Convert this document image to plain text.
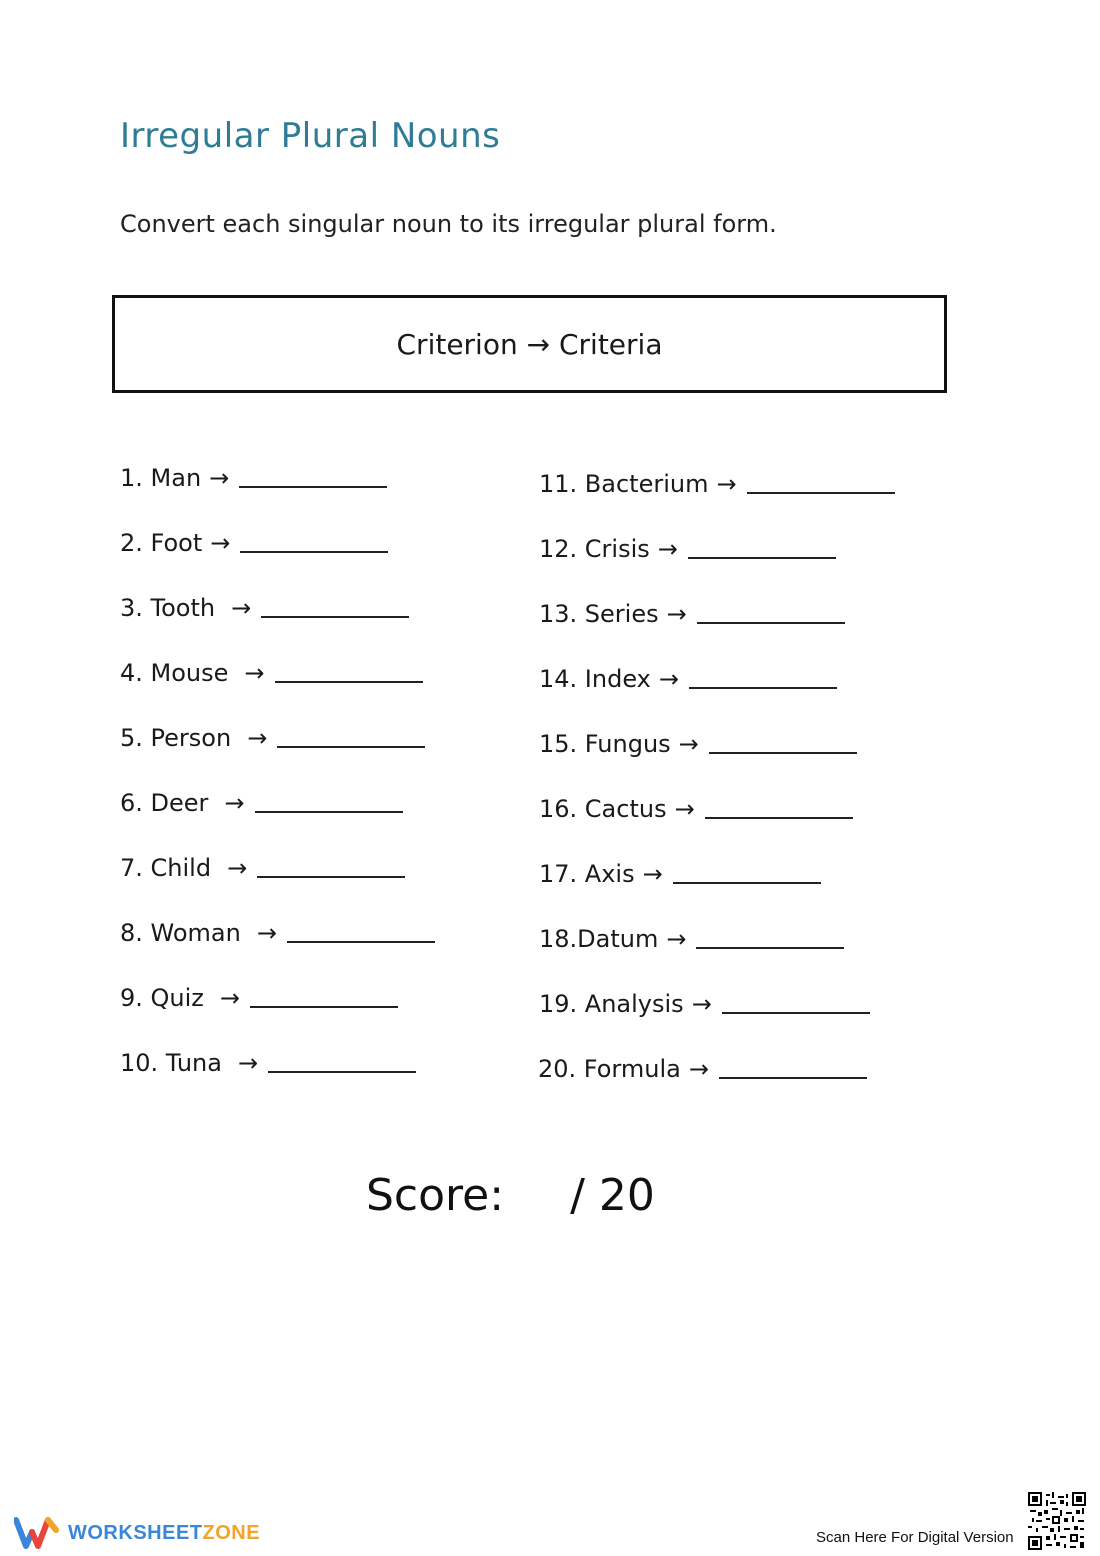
Irregular Plural Nouns
Convert each singular noun to its irregular plural form.
Criterion → Criteria
1. Man →
2. Foot →
3. Tooth →
4. Mouse →
5. Person →
6. Deer →
7. Child →
8. Woman →
9. Quiz →
10. Tuna →
11. Bacterium →
12. Crisis →
13. Series →
14. Index →
15. Fungus →
16. Cactus →
17. Axis →
18.Datum →
19. Analysis →
20. Formula →
Score: / 20
WORKSHEETZONE	Scan Here For Digital Version
